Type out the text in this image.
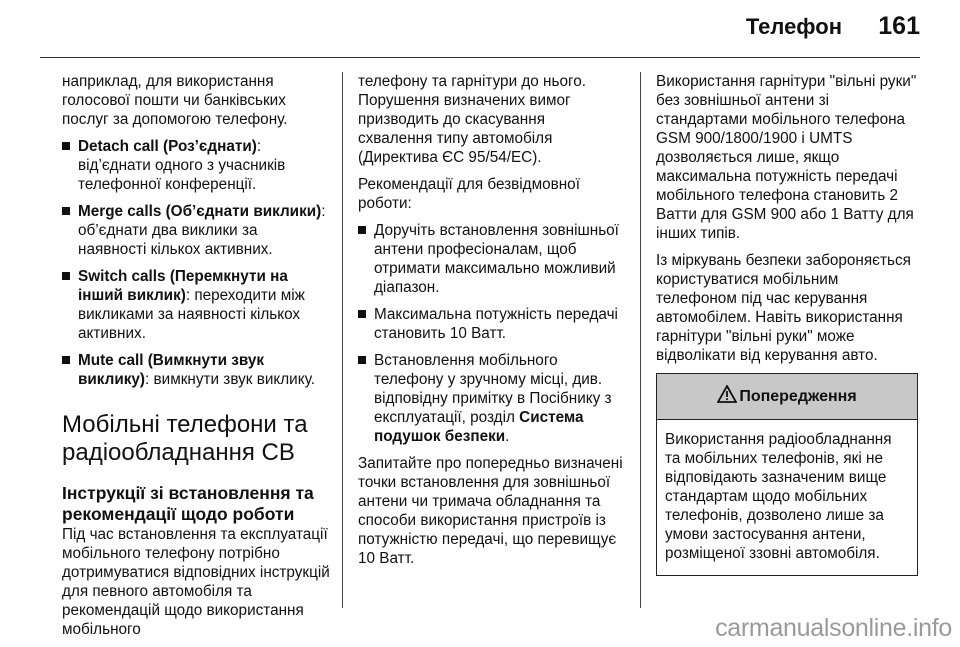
Телефон 161

наприклад, для використання голосової пошти чи банківських послуг за допомогою телефону.

Detach call (Роз’єднати): від’єднати одного з учасників телефонної конференції.
Merge calls (Об’єднати виклики): об’єднати два виклики за наявності кількох активних.
Switch calls (Перемкнути на інший виклик): переходити між викликами за наявності кількох активних.
Mute call (Вимкнути звук виклику): вимкнути звук виклику.
Мобільні телефони та радіообладнання СВ
Інструкції зі встановлення та рекомендації щодо роботи

Під час встановлення та експлуатації мобільного телефону потрібно дотримуватися відповідних інструкцій для певного автомобіля та рекомендацій щодо використання мобільного

телефону та гарнітури до нього. Порушення визначених вимог призводить до скасування схвалення типу автомобіля (Директива ЄС 95/54/ЕС).

Рекомендації для безвідмовної роботи:

Доручіть встановлення зовнішньої антени професіоналам, щоб отримати максимально можливий діапазон.
Максимальна потужність передачі становить 10 Ватт.
Встановлення мобільного телефону у зручному місці, див. відповідну примітку в Посібнику з експлуатації, розділ Система подушок безпеки.

Запитайте про попередньо визначені точки встановлення для зовнішньої антени чи тримача обладнання та способи використання пристроїв із потужністю передачі, що перевищує 10 Ватт.

Використання гарнітури "вільні руки" без зовнішньої антени зі стандартами мобільного телефона GSM 900/1800/1900 і UMTS дозволяється лише, якщо максимальна потужність передачі мобільного телефона становить 2 Ватти для GSM 900 або 1 Ватту для інших типів.

Із міркувань безпеки забороняється користуватися мобільним телефоном під час керування автомобілем. Навіть використання гарнітури "вільні руки" може відволікати від керування авто.

Попередження
Використання радіообладнання та мобільних телефонів, які не відповідають зазначеним вище стандартам щодо мобільних телефонів, дозволено лише за умови застосування антени, розміщеної ззовні автомобіля.
carmanualsonline.info
